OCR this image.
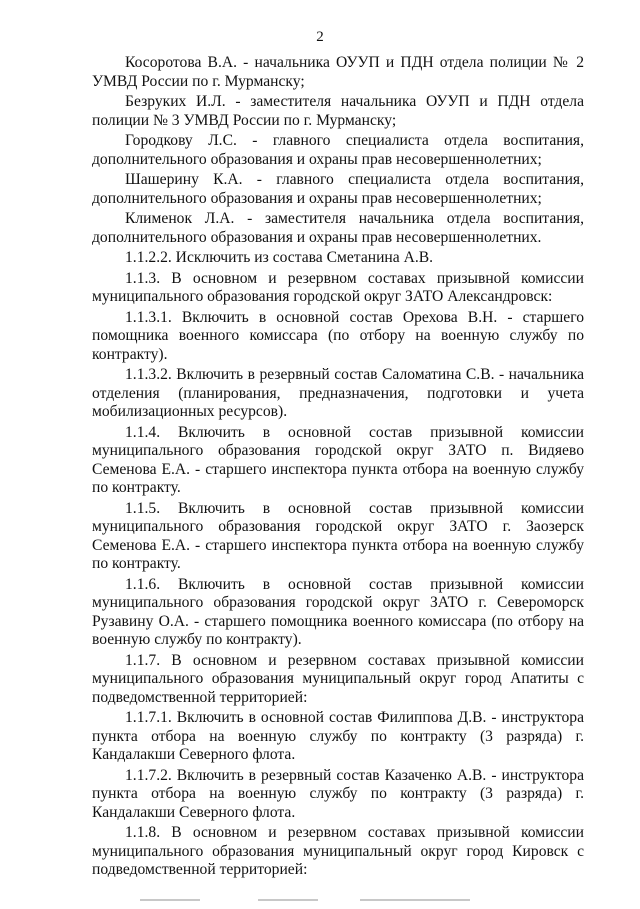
2

Косоротова В.А. - начальника ОУУП и ПДН отдела полиции № 2 УМВД России по г. Мурманску;

Безруких И.Л. - заместителя начальника ОУУП и ПДН отдела полиции № 3 УМВД России по г. Мурманску;

Городкову Л.С. - главного специалиста отдела воспитания, дополнительного образования и охраны прав несовершеннолетних;

Шашерину К.А. - главного специалиста отдела воспитания, дополнительного образования и охраны прав несовершеннолетних;

Клименок Л.А. - заместителя начальника отдела воспитания, дополнительного образования и охраны прав несовершеннолетних.

1.1.2.2. Исключить из состава Сметанина А.В.

1.1.3. В основном и резервном составах призывной комиссии муниципального образования городской округ ЗАТО Александровск:

1.1.3.1. Включить в основной состав Орехова В.Н. - старшего помощника военного комиссара (по отбору на военную службу по контракту).

1.1.3.2. Включить в резервный состав Саломатина С.В. - начальника отделения (планирования, предназначения, подготовки и учета мобилизационных ресурсов).

1.1.4. Включить в основной состав призывной комиссии муниципального образования городской округ ЗАТО п. Видяево Семенова Е.А. - старшего инспектора пункта отбора на военную службу по контракту.

1.1.5. Включить в основной состав призывной комиссии муниципального образования городской округ ЗАТО г. Заозерск Семенова Е.А. - старшего инспектора пункта отбора на военную службу по контракту.

1.1.6. Включить в основной состав призывной комиссии муниципального образования городской округ ЗАТО г. Североморск Рузавину О.А. - старшего помощника военного комиссара (по отбору на военную службу по контракту).

1.1.7. В основном и резервном составах призывной комиссии муниципального образования муниципальный округ город Апатиты с подведомственной территорией:

1.1.7.1. Включить в основной состав Филиппова Д.В. - инструктора пункта отбора на военную службу по контракту (3 разряда) г. Кандалакши Северного флота.

1.1.7.2. Включить в резервный состав Казаченко А.В. - инструктора пункта отбора на военную службу по контракту (3 разряда) г. Кандалакши Северного флота.

1.1.8. В основном и резервном составах призывной комиссии муниципального образования муниципальный округ город Кировск с подведомственной территорией:
